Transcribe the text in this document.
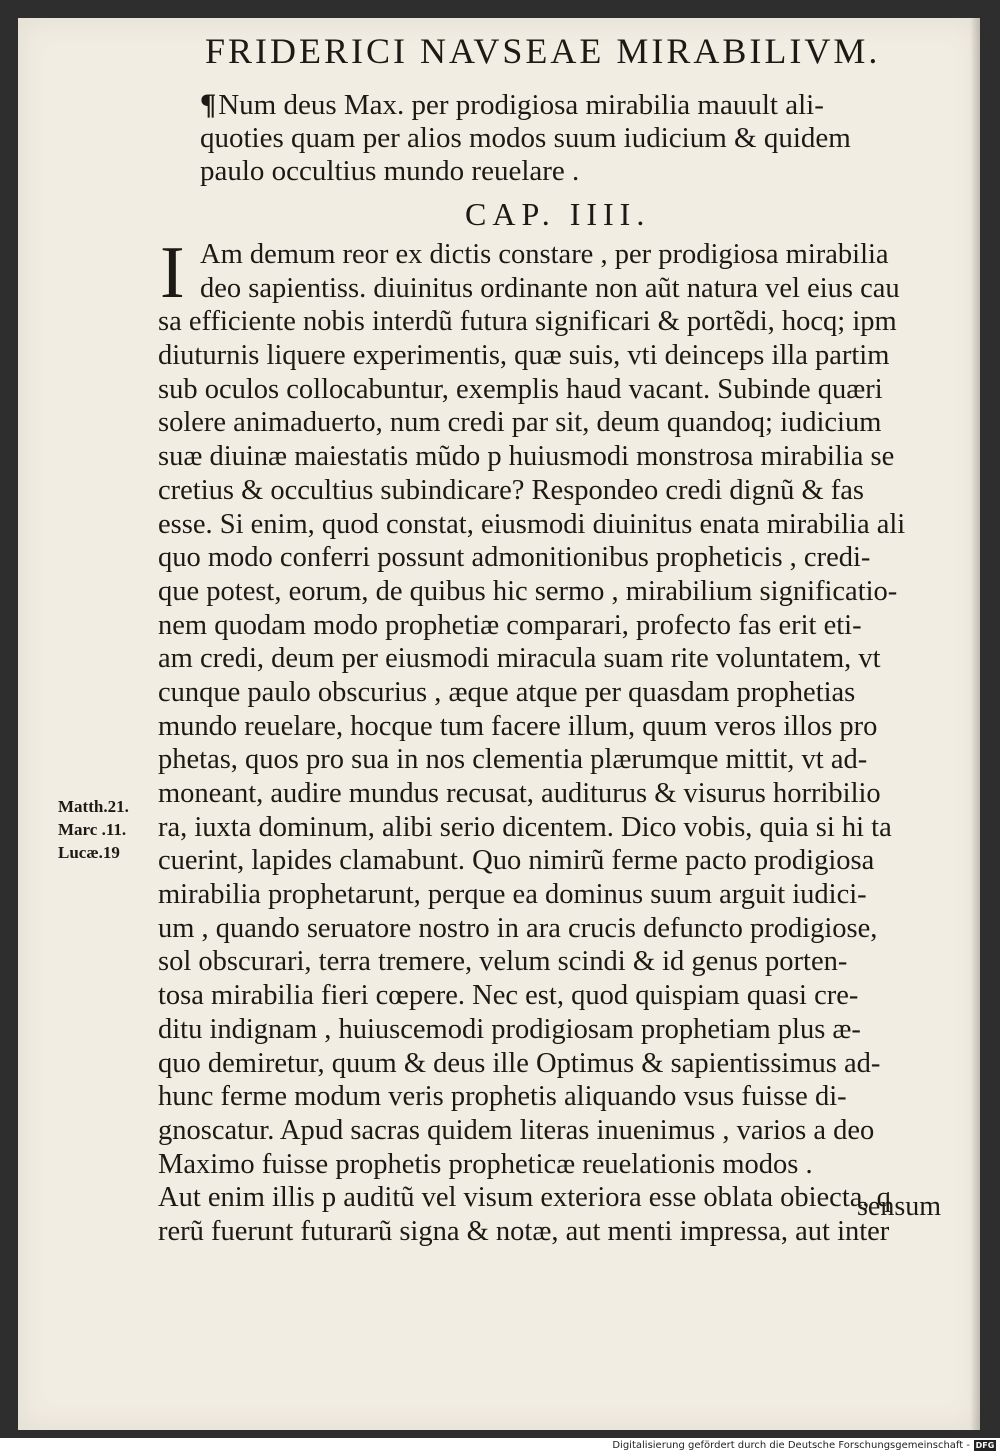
FRIDERICI NAVSEAE MIRABILIVM.
¶Num deus Max. per prodigiosa mirabilia mauult ali-
quoties quam per alios modos suum iudicium & quidem
paulo occultius mundo reuelare .
CAP. IIII.
I Am demum reor ex dictis constare , per prodigiosa mirabilia
deo sapientiss. diuinitus ordinante non aũt natura vel eius cau
sa efficiente nobis interdũ futura significari & portẽdi, hocq; ipm
diuturnis liquere experimentis, quæ suis, vti deinceps illa partim
sub oculos collocabuntur, exemplis haud vacant. Subinde quæri
solere animaduerto, num credi par sit, deum quandoq; iudicium
suæ diuinæ maiestatis mũdo p huiusmodi monstrosa mirabilia se
cretius & occultius subindicare? Respondeo credi dignũ & fas
esse. Si enim, quod constat, eiusmodi diuinitus enata mirabilia ali
quo modo conferri possunt admonitionibus propheticis , credi-
que potest, eorum, de quibus hic sermo , mirabilium significatio-
nem quodam modo prophetiæ comparari, profecto fas erit eti-
am credi, deum per eiusmodi miracula suam rite voluntatem, vt
cunque paulo obscurius , æque atque per quasdam prophetias
mundo reuelare, hocque tum facere illum, quum veros illos pro
phetas, quos pro sua in nos clementia plærumque mittit, vt ad-
moneant, audire mundus recusat, auditurus & visurus horribilio
ra, iuxta dominum, alibi serio dicentem. Dico vobis, quia si hi ta
cuerint, lapides clamabunt. Quo nimirũ ferme pacto prodigiosa
mirabilia prophetarunt, perque ea dominus suum arguit iudici-
um , quando seruatore nostro in ara crucis defuncto prodigiose,
sol obscurari, terra tremere, velum scindi & id genus porten-
tosa mirabilia fieri cœpere. Nec est, quod quispiam quasi cre-
ditu indignam , huiuscemodi prodigiosam prophetiam plus æ-
quo demiretur, quum & deus ille Optimus & sapientissimus ad-
hunc ferme modum veris prophetis aliquando vsus fuisse di-
gnoscatur. Apud sacras quidem literas inuenimus , varios a deo
Maximo fuisse prophetis propheticæ reuelationis modos .
Aut enim illis p auditũ vel visum exteriora esse oblata obiecta, q
rerũ fuerunt futurarũ signa & notæ, aut menti impressa, aut inter
sensum
Matth.21.
Marc .11.
Lucæ.19
Digitalisierung gefördert durch die Deutsche Forschungsgemeinschaft - DFG
